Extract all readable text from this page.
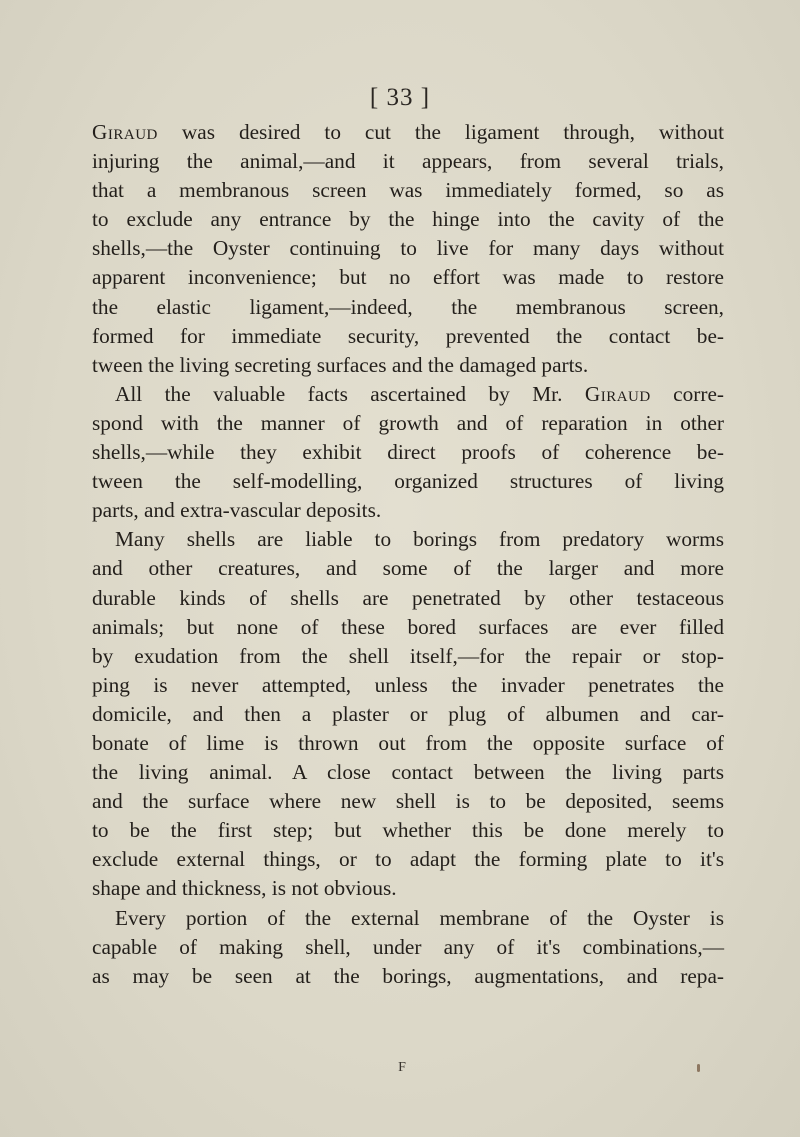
[ 33 ]
Giraud was desired to cut the ligament through, without
injuring the animal,—and it appears, from several trials,
that a membranous screen was immediately formed, so as
to exclude any entrance by the hinge into the cavity of the
shells,—the Oyster continuing to live for many days without
apparent inconvenience; but no effort was made to restore
the elastic ligament,—indeed, the membranous screen,
formed for immediate security, prevented the contact be-
tween the living secreting surfaces and the damaged parts.
All the valuable facts ascertained by Mr. Giraud corre-
spond with the manner of growth and of reparation in other
shells,—while they exhibit direct proofs of coherence be-
tween the self-modelling, organized structures of living
parts, and extra-vascular deposits.
Many shells are liable to borings from predatory worms
and other creatures, and some of the larger and more
durable kinds of shells are penetrated by other testaceous
animals; but none of these bored surfaces are ever filled
by exudation from the shell itself,—for the repair or stop-
ping is never attempted, unless the invader penetrates the
domicile, and then a plaster or plug of albumen and car-
bonate of lime is thrown out from the opposite surface of
the living animal. A close contact between the living parts
and the surface where new shell is to be deposited, seems
to be the first step; but whether this be done merely to
exclude external things, or to adapt the forming plate to it's
shape and thickness, is not obvious.
Every portion of the external membrane of the Oyster is
capable of making shell, under any of it's combinations,—
as may be seen at the borings, augmentations, and repa-
F
